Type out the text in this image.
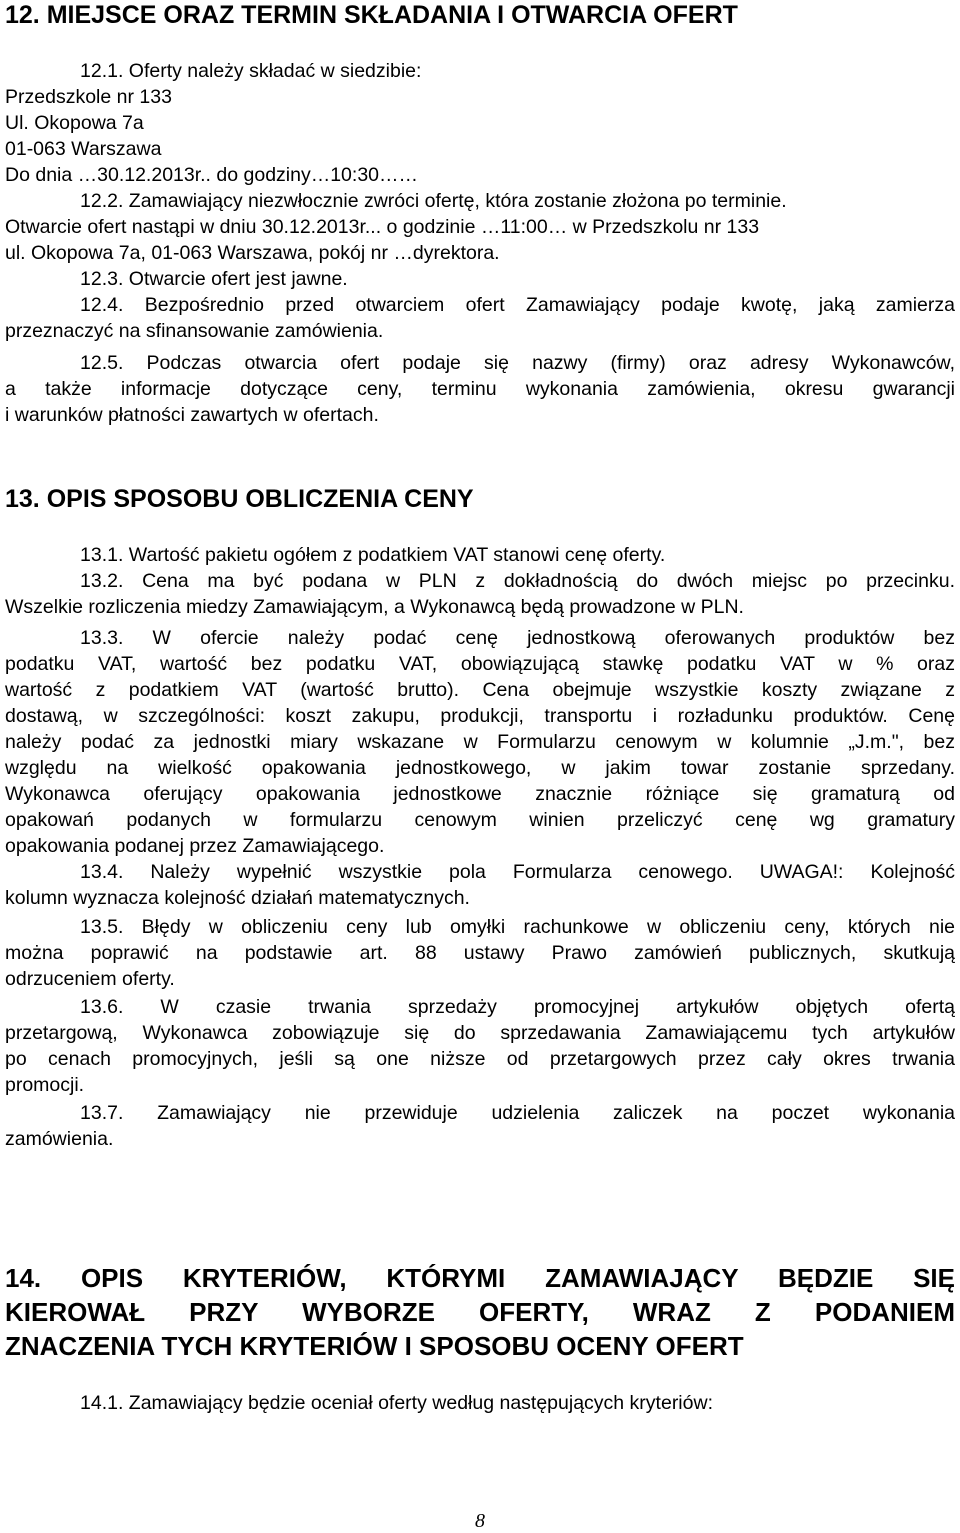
12. MIEJSCE ORAZ TERMIN SKŁADANIA I OTWARCIA OFERT
12.1. Oferty należy składać w siedzibie:
Przedszkole nr 133
Ul. Okopowa 7a
01-063 Warszawa
Do dnia …30.12.2013r.. do godziny…10:30……
12.2. Zamawiający niezwłocznie zwróci ofertę, która zostanie złożona po terminie.
Otwarcie ofert nastąpi w dniu 30.12.2013r... o godzinie …11:00… w Przedszkolu nr 133
ul. Okopowa 7a, 01-063 Warszawa, pokój nr …dyrektora.
12.3. Otwarcie ofert jest jawne.
12.4. Bezpośrednio przed otwarciem ofert Zamawiający podaje kwotę, jaką zamierza
przeznaczyć na sfinansowanie zamówienia.
12.5. Podczas otwarcia ofert podaje się nazwy (firmy) oraz adresy Wykonawców,
a także informacje dotyczące ceny, terminu wykonania zamówienia, okresu gwarancji
i warunków płatności zawartych w ofertach.
13. OPIS SPOSOBU OBLICZENIA CENY
13.1. Wartość pakietu ogółem z podatkiem VAT stanowi cenę oferty.
13.2. Cena ma być podana w PLN z dokładnością do dwóch miejsc po przecinku.
Wszelkie rozliczenia miedzy Zamawiającym, a Wykonawcą będą prowadzone w PLN.
13.3. W ofercie należy podać cenę jednostkową oferowanych produktów bez
podatku VAT, wartość bez podatku VAT, obowiązującą stawkę podatku VAT w % oraz
wartość z podatkiem VAT (wartość brutto). Cena obejmuje wszystkie koszty związane z
dostawą, w szczególności: koszt zakupu, produkcji, transportu i rozładunku produktów. Cenę
należy podać za jednostki miary wskazane w Formularzu cenowym w kolumnie „J.m.", bez
względu na wielkość opakowania jednostkowego, w jakim towar zostanie sprzedany.
Wykonawca oferujący opakowania jednostkowe znacznie różniące się gramaturą od
opakowań podanych w formularzu cenowym winien przeliczyć cenę wg gramatury
opakowania podanej przez Zamawiającego.
13.4. Należy wypełnić wszystkie pola Formularza cenowego. UWAGA!: Kolejność
kolumn wyznacza kolejność działań matematycznych.
13.5. Błędy w obliczeniu ceny lub omyłki rachunkowe w obliczeniu ceny, których nie
można poprawić na podstawie art. 88 ustawy Prawo zamówień publicznych, skutkują
odrzuceniem oferty.
13.6. W czasie trwania sprzedaży promocyjnej artykułów objętych ofertą
przetargową, Wykonawca zobowiązuje się do sprzedawania Zamawiającemu tych artykułów
po cenach promocyjnych, jeśli są one niższe od przetargowych przez cały okres trwania
promocji.
13.7. Zamawiający nie przewiduje udzielenia zaliczek na poczet wykonania
zamówienia.
14. OPIS KRYTERIÓW, KTÓRYMI ZAMAWIAJĄCY BĘDZIE SIĘ
KIEROWAŁ PRZY WYBORZE OFERTY, WRAZ Z PODANIEM
ZNACZENIA TYCH KRYTERIÓW I SPOSOBU OCENY OFERT
14.1. Zamawiający będzie oceniał oferty według następujących kryteriów:
8
